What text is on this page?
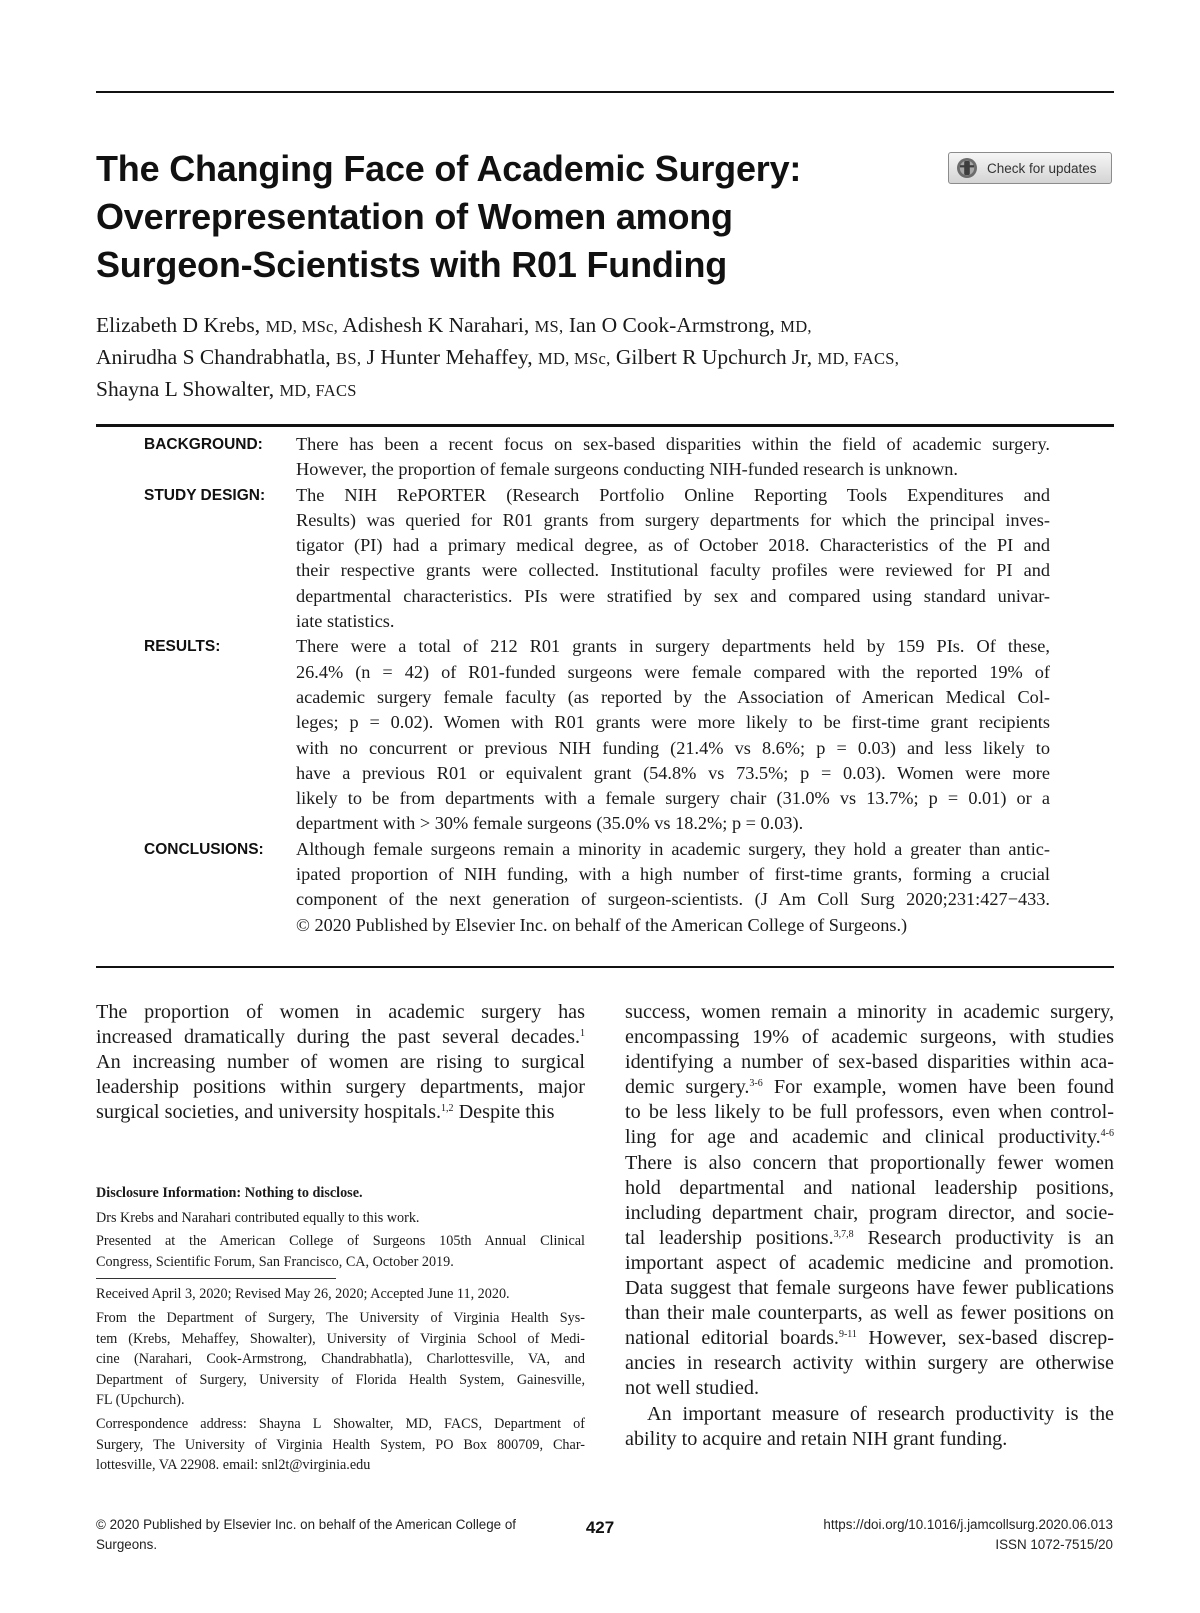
The Changing Face of Academic Surgery:
Overrepresentation of Women among
Surgeon-Scientists with R01 Funding
Check for updates
Elizabeth D Krebs, MD, MSc, Adishesh K Narahari, MS, Ian O Cook-Armstrong, MD,
Anirudha S Chandrabhatla, BS, J Hunter Mehaffey, MD, MSc, Gilbert R Upchurch Jr, MD, FACS,
Shayna L Showalter, MD, FACS
BACKGROUND:	There has been a recent focus on sex-based disparities within the field of academic surgery.
However, the proportion of female surgeons conducting NIH-funded research is unknown.
STUDY DESIGN:	The NIH RePORTER (Research Portfolio Online Reporting Tools Expenditures and
Results) was queried for R01 grants from surgery departments for which the principal inves-
tigator (PI) had a primary medical degree, as of October 2018. Characteristics of the PI and
their respective grants were collected. Institutional faculty profiles were reviewed for PI and
departmental characteristics. PIs were stratified by sex and compared using standard univar-
iate statistics.
RESULTS:	There were a total of 212 R01 grants in surgery departments held by 159 PIs. Of these,
26.4% (n = 42) of R01-funded surgeons were female compared with the reported 19% of
academic surgery female faculty (as reported by the Association of American Medical Col-
leges; p = 0.02). Women with R01 grants were more likely to be first-time grant recipients
with no concurrent or previous NIH funding (21.4% vs 8.6%; p = 0.03) and less likely to
have a previous R01 or equivalent grant (54.8% vs 73.5%; p = 0.03). Women were more
likely to be from departments with a female surgery chair (31.0% vs 13.7%; p = 0.01) or a
department with > 30% female surgeons (35.0% vs 18.2%; p = 0.03).
CONCLUSIONS:	Although female surgeons remain a minority in academic surgery, they hold a greater than antic-
ipated proportion of NIH funding, with a high number of first-time grants, forming a crucial
component of the next generation of surgeon-scientists. (J Am Coll Surg 2020;231:427−433.
© 2020 Published by Elsevier Inc. on behalf of the American College of Surgeons.)
The proportion of women in academic surgery has
increased dramatically during the past several decades.$^1$
An increasing number of women are rising to surgical
leadership positions within surgery departments, major
surgical societies, and university hospitals.$^{1,2}$ Despite this
Disclosure Information: Nothing to disclose.
Drs Krebs and Narahari contributed equally to this work.
Presented at the American College of Surgeons 105th Annual Clinical
Congress, Scientific Forum, San Francisco, CA, October 2019.
Received April 3, 2020; Revised May 26, 2020; Accepted June 11, 2020.
From the Department of Surgery, The University of Virginia Health Sys-
tem (Krebs, Mehaffey, Showalter), University of Virginia School of Medi-
cine (Narahari, Cook-Armstrong, Chandrabhatla), Charlottesville, VA, and
Department of Surgery, University of Florida Health System, Gainesville,
FL (Upchurch).
Correspondence address: Shayna L Showalter, MD, FACS, Department of
Surgery, The University of Virginia Health System, PO Box 800709, Char-
lottesville, VA 22908. email: snl2t@virginia.edu
success, women remain a minority in academic surgery,
encompassing 19% of academic surgeons, with studies
identifying a number of sex-based disparities within aca-
demic surgery.$^{3-6}$ For example, women have been found
to be less likely to be full professors, even when control-
ling for age and academic and clinical productivity.$^{4-6}$
There is also concern that proportionally fewer women
hold departmental and national leadership positions,
including department chair, program director, and socie-
tal leadership positions.$^{3,7,8}$ Research productivity is an
important aspect of academic medicine and promotion.
Data suggest that female surgeons have fewer publications
than their male counterparts, as well as fewer positions on
national editorial boards.$^{9-11}$ However, sex-based discrep-
ancies in research activity within surgery are otherwise
not well studied.
An important measure of research productivity is the
ability to acquire and retain NIH grant funding.
© 2020 Published by Elsevier Inc. on behalf of the American College of
Surgeons.
427	https://doi.org/10.1016/j.jamcollsurg.2020.06.013
ISSN 1072-7515/20
